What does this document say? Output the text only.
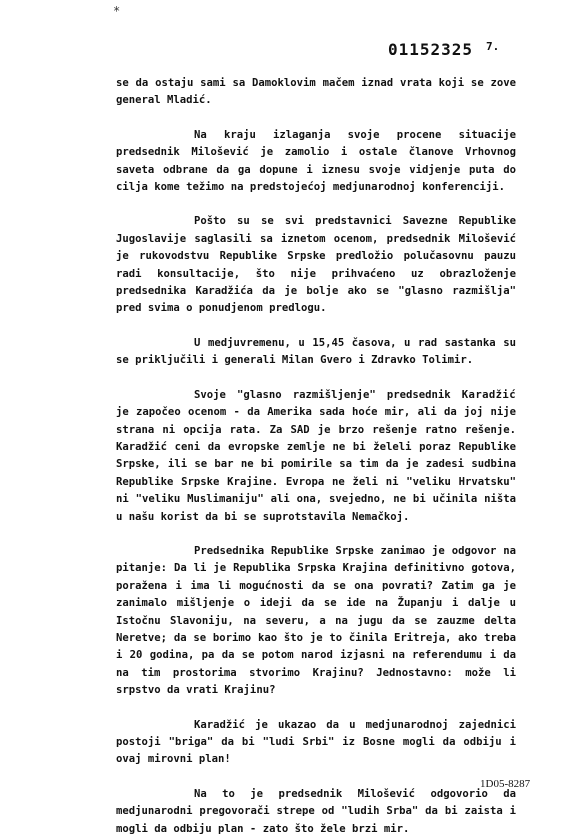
*
01152325 7.

se da ostaju sami sa Damoklovim mačem iznad vrata koji se zove general Mladić.

Na kraju izlaganja svoje procene situacije predsednik Milošević je zamolio i ostale članove Vrhovnog saveta odbrane da ga dopune i iznesu svoje vidjenje puta do cilja kome težimo na predstojećoj medjunarodnoj konferenciji.

Pošto su se svi predstavnici Savezne Republike Jugoslavije saglasili sa iznetom ocenom, predsednik Milošević je rukovodstvu Republike Srpske predložio polučasovnu pauzu radi konsultacije, što nije prihvaćeno uz obrazloženje predsednika Karadžića da je bolje ako se "glasno razmišlja" pred svima o ponudjenom predlogu.

U medjuvremenu, u 15,45 časova, u rad sastanka su se priključili i generali Milan Gvero i Zdravko Tolimir.

Svoje "glasno razmišljenje" predsednik Karadžić je započeo ocenom - da Amerika sada hoće mir, ali da joj nije strana ni opcija rata. Za SAD je brzo rešenje ratno rešenje. Karadžić ceni da evropske zemlje ne bi želeli poraz Republike Srpske, ili se bar ne bi pomirile sa tim da je zadesi sudbina Republike Srpske Krajine. Evropa ne želi ni "veliku Hrvatsku" ni "veliku Muslimaniju" ali ona, svejedno, ne bi učinila ništa u našu korist da bi se suprotstavila Nemačkoj.

Predsednika Republike Srpske zanimao je odgovor na pitanje: Da li je Republika Srpska Krajina definitivno gotova, poražena i ima li mogućnosti da se ona povrati? Zatim ga je zanimalo mišljenje o ideji da se ide na Županju i dalje u Istočnu Slavoniju, na severu, a na jugu da se zauzme delta Neretve; da se borimo kao što je to činila Eritreja, ako treba i 20 godina, pa da se potom narod izjasni na referendumu i da na tim prostorima stvorimo Krajinu? Jednostavno: može li srpstvo da vrati Krajinu?

Karadžić je ukazao da u medjunarodnoj zajednici postoji "briga" da bi "ludi Srbi" iz Bosne mogli da odbiju i ovaj mirovni plan!

Na to je predsednik Milošević odgovorio da medjunarodni pregovorači strepe od "ludih Srba" da bi zaista i mogli da odbiju plan - zato što žele brzi mir.

1D05-8287
